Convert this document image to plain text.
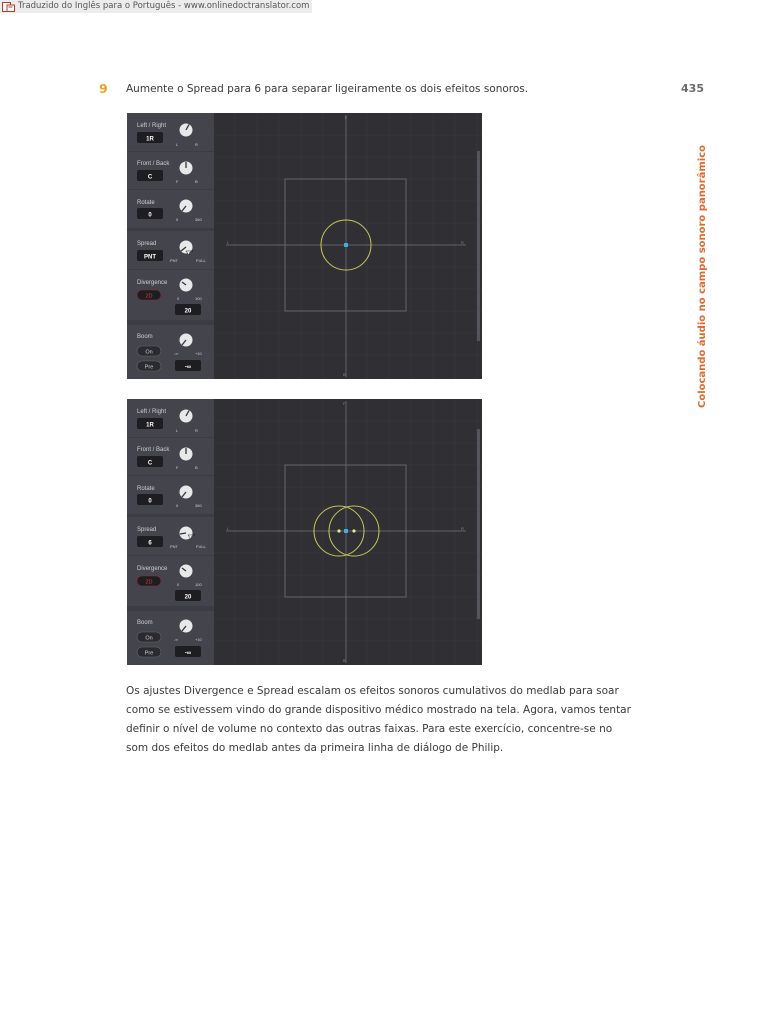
Traduzido do Inglês para o Português - www.onlinedoctranslator.com
435
Colocando áudio no campo sonoro panorâmico
9 Aumente o Spread para 6 para separar ligeiramente os dois efeitos sonoros.
F
B
L	R
Left / Right
1R
L	R
Front / Back
C
F	B
Rotate
0
0	360
Spread
PNT	PNT	FULL
Divergence
2D	0	100
20
Boom
On
Pre
-∞	+10
-∞
F
B
L	R
Left / Right
1R
L	R
Front / Back
C
F	B
Rotate
0
0	360
Spread
6	PNT	FULL
Divergence
2D	0	100
20
Boom
On
Pre
-∞	+10
-∞

Os ajustes Divergence e Spread escalam os efeitos sonoros cumulativos do medlab para soar como se estivessem vindo do grande dispositivo médico mostrado na tela. Agora, vamos tentar definir o nível de volume no contexto das outras faixas. Para este exercício, concentre-se no som dos efeitos do medlab antes da primeira linha de diálogo de Philip.
